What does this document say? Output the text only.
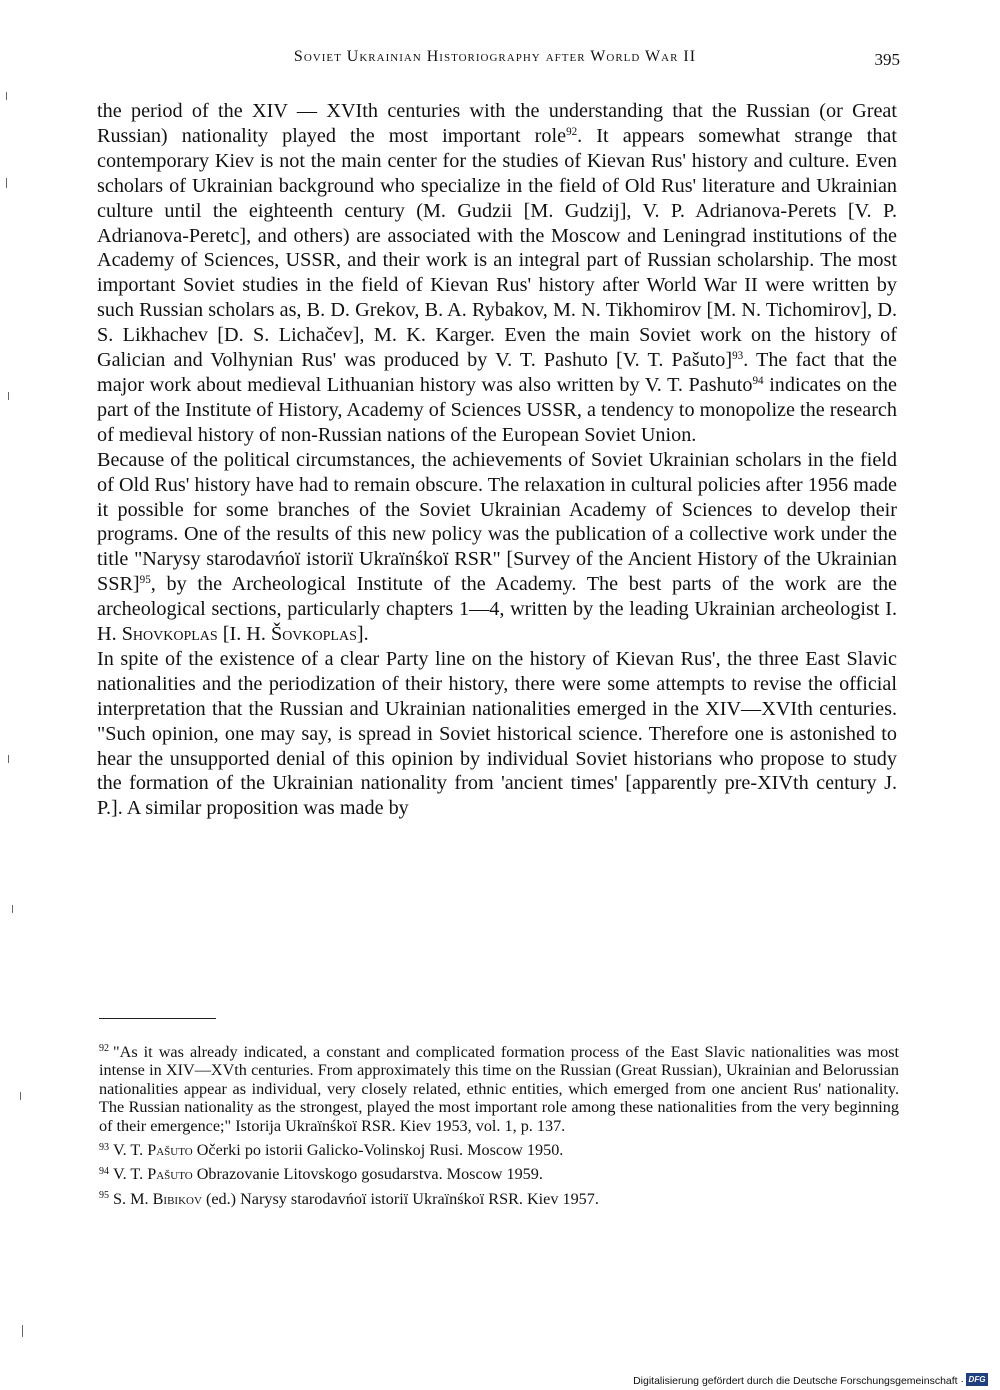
Soviet Ukrainian Historiography after World War II	395

the period of the XIV — XVIth centuries with the understanding that the Russian (or Great Russian) nationality played the most important role$^{92}$. It appears somewhat strange that contemporary Kiev is not the main center for the studies of Kievan Rus' history and culture. Even scholars of Ukrainian background who specialize in the field of Old Rus' literature and Ukrainian culture until the eighteenth century (M. Gudzii [M. Gudzij], V. P. Adrianova-Perets [V. P. Adrianova-Peretc], and others) are associated with the Moscow and Leningrad institutions of the Academy of Sciences, USSR, and their work is an integral part of Russian scholarship. The most important Soviet studies in the field of Kievan Rus' history after World War II were written by such Russian scholars as, B. D. Grekov, B. A. Rybakov, M. N. Tikhomirov [M. N. Tichomirov], D. S. Likhachev [D. S. Lichačev], M. K. Karger. Even the main Soviet work on the history of Galician and Volhynian Rus' was produced by V. T. Pashuto [V. T. Pašuto]$^{93}$. The fact that the major work about medieval Lithuanian history was also written by V. T. Pashuto$^{94}$ indicates on the part of the Institute of History, Academy of Sciences USSR, a tendency to monopolize the research of medieval history of non-Russian nations of the European Soviet Union.

Because of the political circumstances, the achievements of Soviet Ukrainian scholars in the field of Old Rus' history have had to remain obscure. The relaxation in cultural policies after 1956 made it possible for some branches of the Soviet Ukrainian Academy of Sciences to develop their programs. One of the results of this new policy was the publication of a collective work under the title "Narysy starodavńoï istoriï Ukraïnśkoï RSR" [Survey of the Ancient History of the Ukrainian SSR]$^{95}$, by the Archeological Institute of the Academy. The best parts of the work are the archeological sections, particularly chapters 1—4, written by the leading Ukrainian archeologist I. H. Shovkoplas [I. H. Šovkoplas].

In spite of the existence of a clear Party line on the history of Kievan Rus', the three East Slavic nationalities and the periodization of their history, there were some attempts to revise the official interpretation that the Russian and Ukrainian nationalities emerged in the XIV—XVIth centuries. "Such opinion, one may say, is spread in Soviet historical science. Therefore one is astonished to hear the unsupported denial of this opinion by individual Soviet historians who propose to study the formation of the Ukrainian nationality from 'ancient times' [apparently pre-XIVth century J. P.]. A similar proposition was made by

$^{92}$ "As it was already indicated, a constant and complicated formation process of the East Slavic nationalities was most intense in XIV—XVth centuries. From approximately this time on the Russian (Great Russian), Ukrainian and Belorussian nationalities appear as individual, very closely related, ethnic entities, which emerged from one ancient Rus' nationality. The Russian nationality as the strongest, played the most important role among these nationalities from the very beginning of their emergence;" Istorija Ukraïnśkoï RSR. Kiev 1953, vol. 1, p. 137.

$^{93}$ V. T. Pašuto Očerki po istorii Galicko-Volinskoj Rusi. Moscow 1950.

$^{94}$ V. T. Pašuto Obrazovanie Litovskogo gosudarstva. Moscow 1959.

$^{95}$ S. M. Bibikov (ed.) Narysy starodavńoï istoriï Ukraïnśkoï RSR. Kiev 1957.

Digitalisierung gefördert durch die Deutsche Forschungsgemeinschaft · DFG
